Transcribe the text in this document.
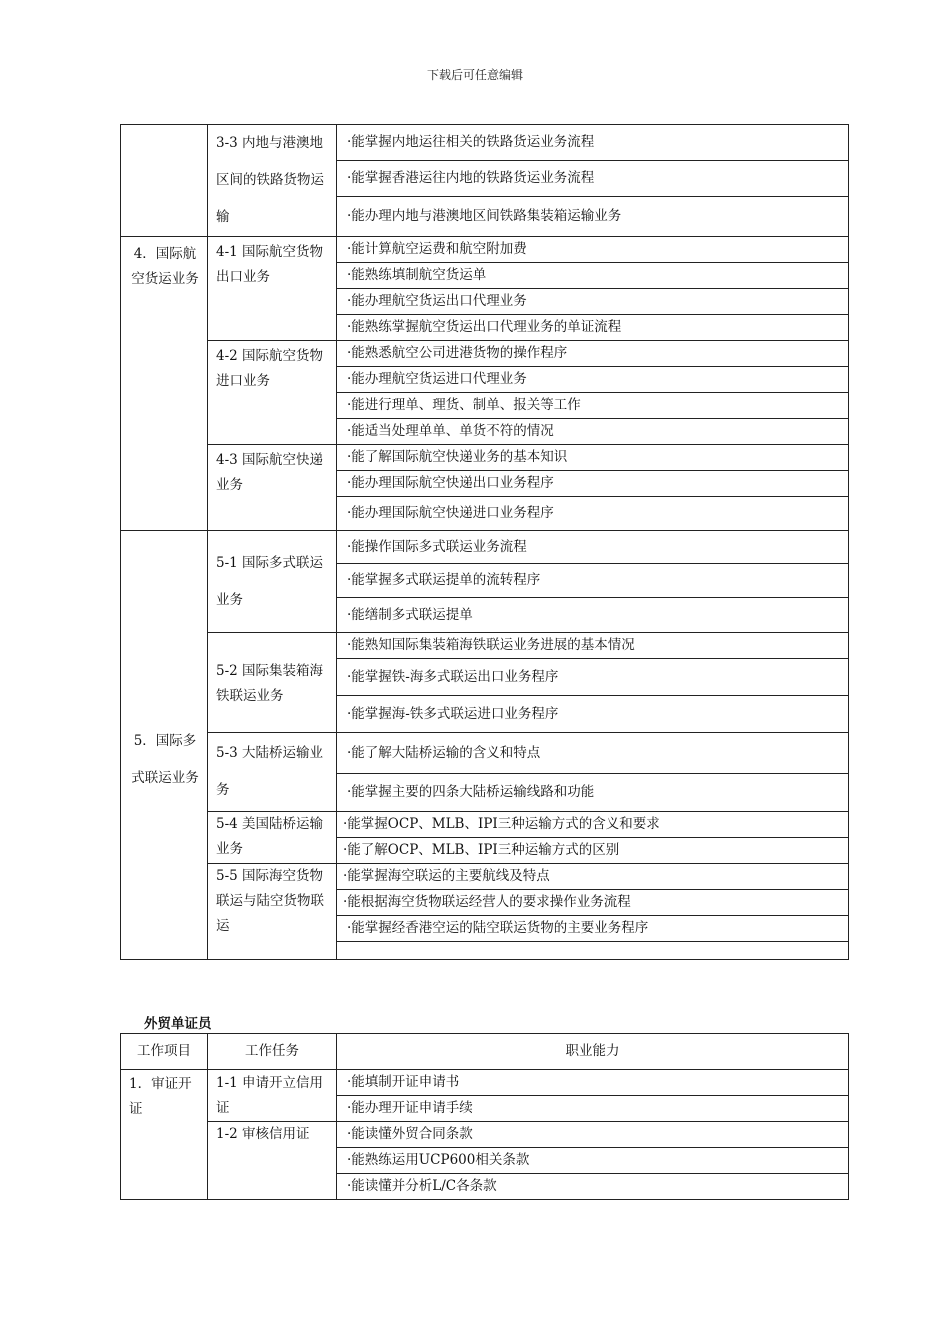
下载后可任意编辑
	3-3 内地与港澳地区间的铁路货物运输	·能掌握内地运往相关的铁路货运业务流程
		·能掌握香港运往内地的铁路货运业务流程
		·能办理内地与港澳地区间铁路集装箱运输业务
4．国际航空货运业务	4-1 国际航空货物出口业务	·能计算航空运费和航空附加费
		·能熟练填制航空货运单
		·能办理航空货运出口代理业务
		·能熟练掌握航空货运出口代理业务的单证流程
	4-2 国际航空货物进口业务	·能熟悉航空公司进港货物的操作程序
		·能办理航空货运进口代理业务
		·能进行理单、理货、制单、报关等工作
		·能适当处理单单、单货不符的情况
	4-3 国际航空快递业务	·能了解国际航空快递业务的基本知识
		·能办理国际航空快递出口业务程序
		·能办理国际航空快递进口业务程序
5．国际多式联运业务	5-1 国际多式联运业务	·能操作国际多式联运业务流程
		·能掌握多式联运提单的流转程序
		·能缮制多式联运提单
	5-2 国际集装箱海铁联运业务	·能熟知国际集装箱海铁联运业务进展的基本情况
		·能掌握铁-海多式联运出口业务程序
		·能掌握海-铁多式联运进口业务程序
	5-3 大陆桥运输业务	·能了解大陆桥运输的含义和特点
		·能掌握主要的四条大陆桥运输线路和功能
	5-4 美国陆桥运输业务	·能掌握OCP、MLB、IPI三种运输方式的含义和要求
		·能了解OCP、MLB、IPI三种运输方式的区别
	5-5 国际海空货物联运与陆空货物联运	·能掌握海空联运的主要航线及特点
		·能根据海空货物联运经营人的要求操作业务流程
		·能掌握经香港空运的陆空联运货物的主要业务程序

外贸单证员
工作项目	工作任务	职业能力
1．审证开证	1-1 申请开立信用证	·能填制开证申请书
		·能办理开证申请手续
	1-2 审核信用证	·能读懂外贸合同条款
		·能熟练运用UCP600相关条款
		·能读懂并分析L/C各条款
